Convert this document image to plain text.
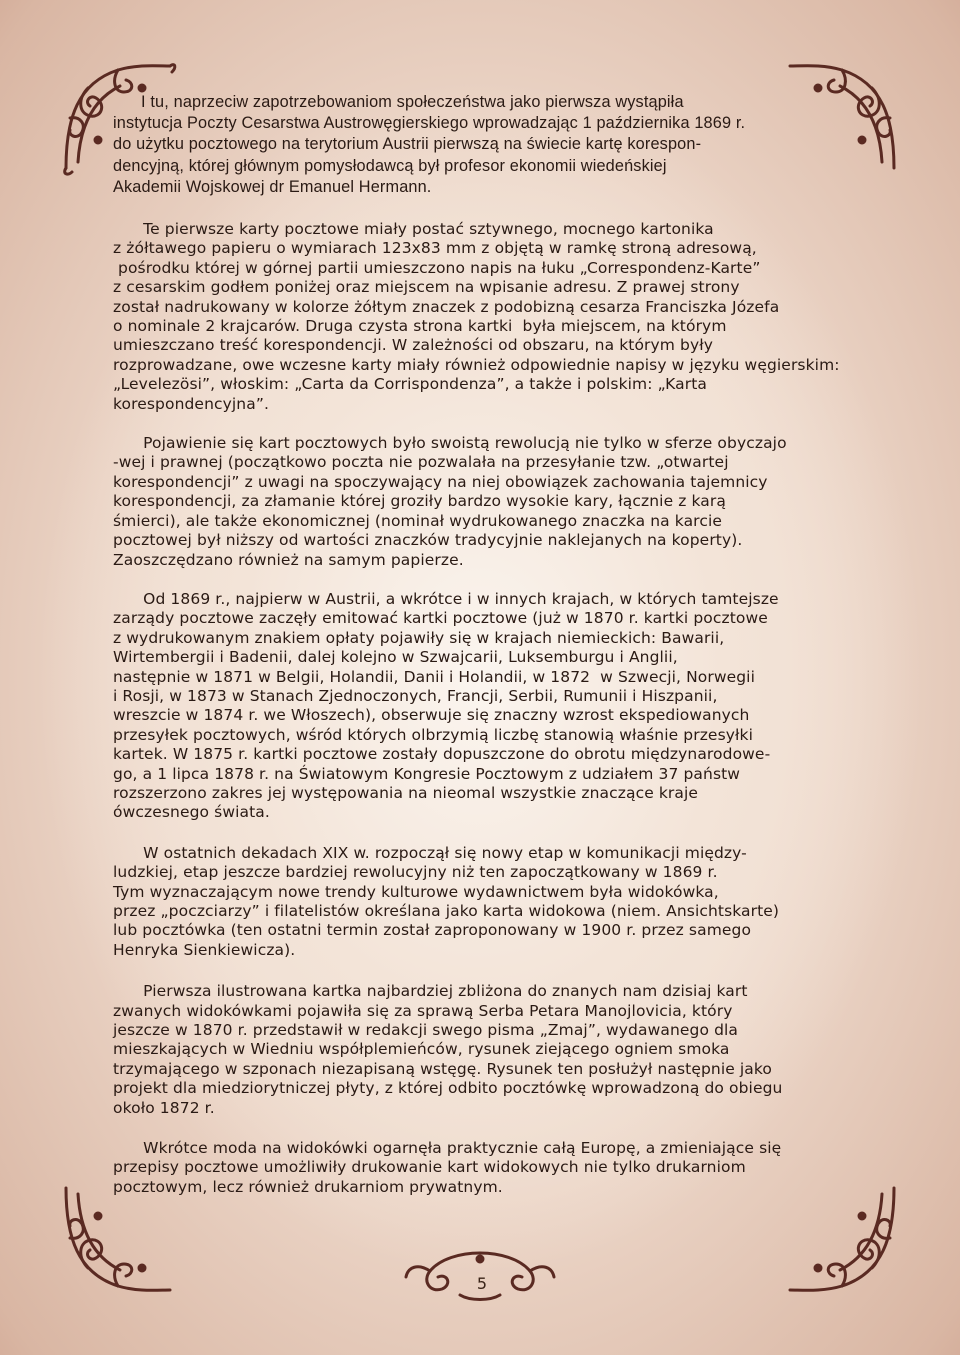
I tu, naprzeciw zapotrzebowaniom społeczeństwa jako pierwsza wystąpiła
instytucja Poczty Cesarstwa Austrowęgierskiego wprowadzając 1 października 1869 r.
do użytku pocztowego na terytorium Austrii pierwszą na świecie kartę korespon-
dencyjną, której głównym pomysłodawcą był profesor ekonomii wiedeńskiej
Akademii Wojskowej dr Emanuel Hermann.

Te pierwsze karty pocztowe miały postać sztywnego, mocnego kartonika
z żółtawego papieru o wymiarach 123x83 mm z objętą w ramkę stroną adresową,
pośrodku której w górnej partii umieszczono napis na łuku „Correspondenz-Karte”
z cesarskim godłem poniżej oraz miejscem na wpisanie adresu. Z prawej strony
został nadrukowany w kolorze żółtym znaczek z podobizną cesarza Franciszka Józefa
o nominale 2 krajcarów. Druga czysta strona kartki  była miejscem, na którym
umieszczano treść korespondencji. W zależności od obszaru, na którym były
rozprowadzane, owe wczesne karty miały również odpowiednie napisy w języku węgierskim:
„Levelezösi”, włoskim: „Carta da Corrispondenza”, a także i polskim: „Karta
korespondencyjna”.

Pojawienie się kart pocztowych było swoistą rewolucją nie tylko w sferze obyczajo
-wej i prawnej (początkowo poczta nie pozwalała na przesyłanie tzw. „otwartej
korespondencji” z uwagi na spoczywający na niej obowiązek zachowania tajemnicy
korespondencji, za złamanie której groziły bardzo wysokie kary, łącznie z karą
śmierci), ale także ekonomicznej (nominał wydrukowanego znaczka na karcie
pocztowej był niższy od wartości znaczków tradycyjnie naklejanych na koperty).
Zaoszczędzano również na samym papierze.

Od 1869 r., najpierw w Austrii, a wkrótce i w innych krajach, w których tamtejsze
zarządy pocztowe zaczęły emitować kartki pocztowe (już w 1870 r. kartki pocztowe
z wydrukowanym znakiem opłaty pojawiły się w krajach niemieckich: Bawarii,
Wirtembergii i Badenii, dalej kolejno w Szwajcarii, Luksemburgu i Anglii,
następnie w 1871 w Belgii, Holandii, Danii i Holandii, w 1872  w Szwecji, Norwegii
i Rosji, w 1873 w Stanach Zjednoczonych, Francji, Serbii, Rumunii i Hiszpanii,
wreszcie w 1874 r. we Włoszech), obserwuje się znaczny wzrost ekspediowanych
przesyłek pocztowych, wśród których olbrzymią liczbę stanowią właśnie przesyłki
kartek. W 1875 r. kartki pocztowe zostały dopuszczone do obrotu międzynarodowe-
go, a 1 lipca 1878 r. na Światowym Kongresie Pocztowym z udziałem 37 państw
rozszerzono zakres jej występowania na nieomal wszystkie znaczące kraje
ówczesnego świata.

W ostatnich dekadach XIX w. rozpoczął się nowy etap w komunikacji między-
ludzkiej, etap jeszcze bardziej rewolucyjny niż ten zapoczątkowany w 1869 r.
Tym wyznaczającym nowe trendy kulturowe wydawnictwem była widokówka,
przez „poczciarzy” i filatelistów określana jako karta widokowa (niem. Ansichtskarte)
lub pocztówka (ten ostatni termin został zaproponowany w 1900 r. przez samego
Henryka Sienkiewicza).

Pierwsza ilustrowana kartka najbardziej zbliżona do znanych nam dzisiaj kart
zwanych widokówkami pojawiła się za sprawą Serba Petara Manojlovicia, który
jeszcze w 1870 r. przedstawił w redakcji swego pisma „Zmaj”, wydawanego dla
mieszkających w Wiedniu współplemieńców, rysunek ziejącego ogniem smoka
trzymającego w szponach niezapisaną wstęgę. Rysunek ten posłużył następnie jako
projekt dla miedziorytniczej płyty, z której odbito pocztówkę wprowadzoną do obiegu
około 1872 r.

Wkrótce moda na widokówki ogarnęła praktycznie całą Europę, a zmieniające się
przepisy pocztowe umożliwiły drukowanie kart widokowych nie tylko drukarniom
pocztowym, lecz również drukarniom prywatnym.

5
